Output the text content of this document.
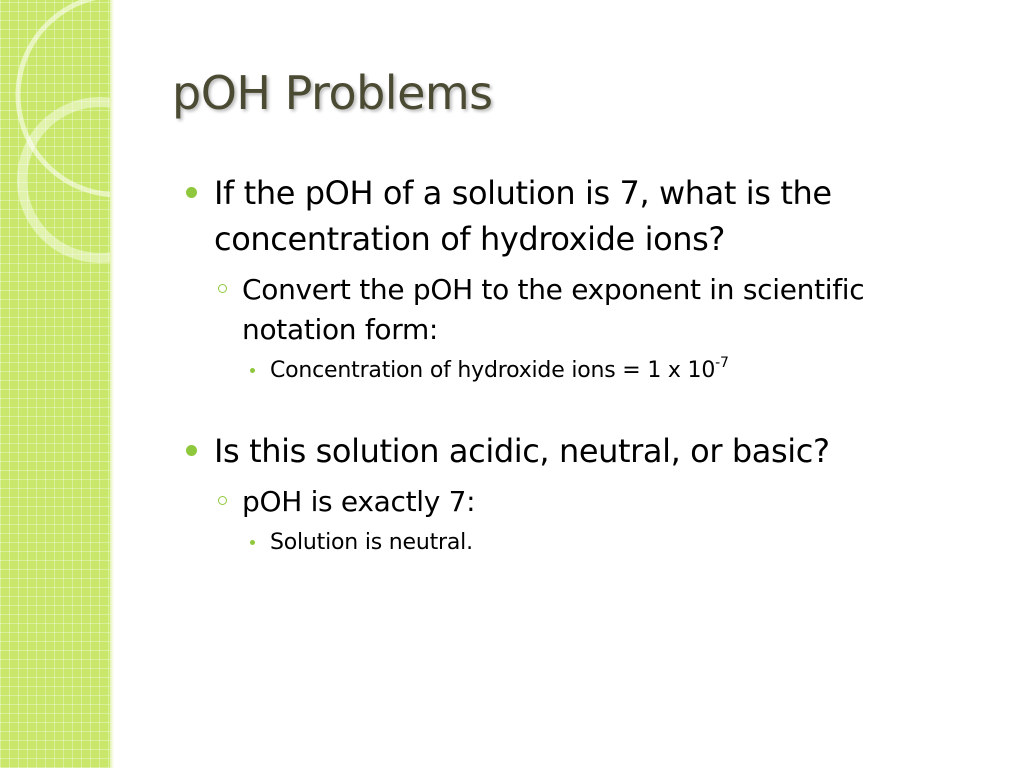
pOH Problems
If the pOH of a solution is 7, what is the concentration of hydroxide ions?
Convert the pOH to the exponent in scientific notation form:
Concentration of hydroxide ions = 1 x $10^{-7}$
Is this solution acidic, neutral, or basic?
pOH is exactly 7:
Solution is neutral.
